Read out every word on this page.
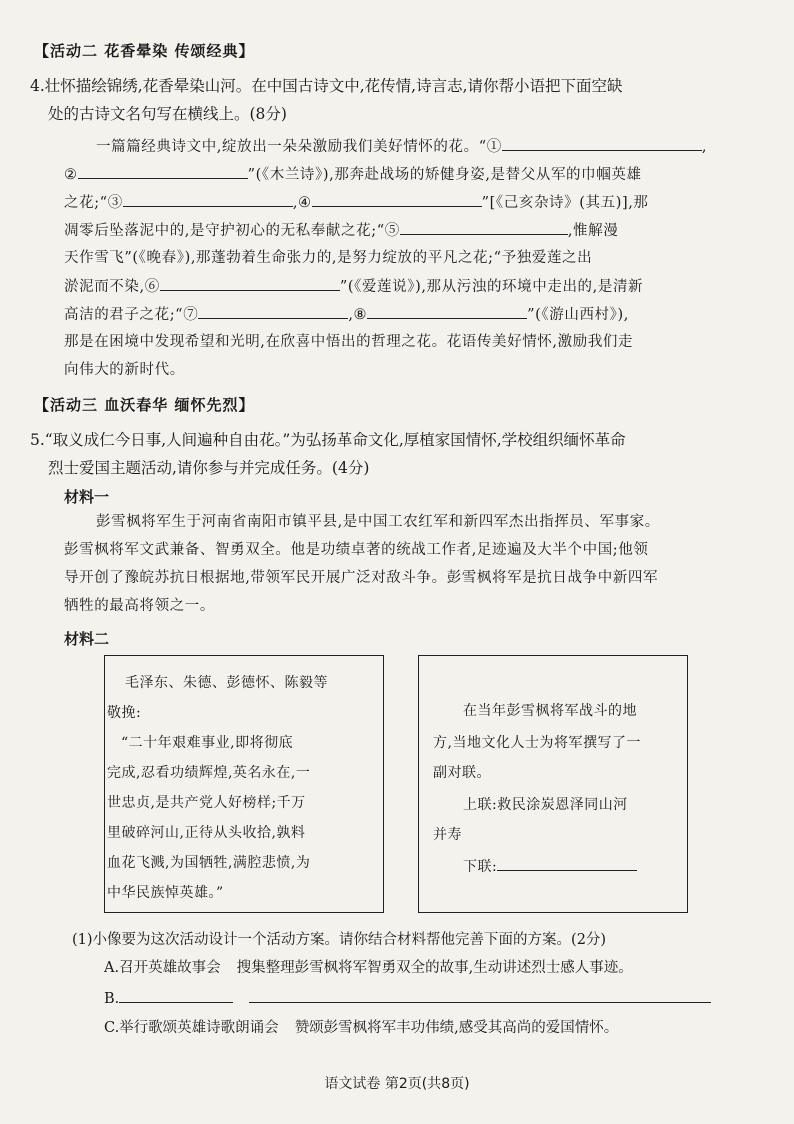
【活动二 花香晕染 传颂经典】
4.壮怀描绘锦绣,花香晕染山河。在中国古诗文中,花传情,诗言志,请你帮小语把下面空缺
处的古诗文名句写在横线上。(8分)
一篇篇经典诗文中,绽放出一朵朵激励我们美好情怀的花。“①	,
②	”(《木兰诗》),那奔赴战场的矫健身姿,是替父从军的巾帼英雄
之花;“③	,④	”[《己亥杂诗》(其五)],那
凋零后坠落泥中的,是守护初心的无私奉献之花;“⑤	,惟解漫
天作雪飞”(《晚春》),那蓬勃着生命张力的,是努力绽放的平凡之花;“予独爱莲之出
淤泥而不染,⑥	”(《爱莲说》),那从污浊的环境中走出的,是清新
高洁的君子之花;“⑦	,⑧	”(《游山西村》),
那是在困境中发现希望和光明,在欣喜中悟出的哲理之花。花语传美好情怀,激励我们走
向伟大的新时代。
【活动三 血沃春华 缅怀先烈】
5.“取义成仁今日事,人间遍种自由花。”为弘扬革命文化,厚植家国情怀,学校组织缅怀革命
烈士爱国主题活动,请你参与并完成任务。(4分)
材料一
彭雪枫将军生于河南省南阳市镇平县,是中国工农红军和新四军杰出指挥员、军事家。
彭雪枫将军文武兼备、智勇双全。他是功绩卓著的统战工作者,足迹遍及大半个中国;他领
导开创了豫皖苏抗日根据地,带领军民开展广泛对敌斗争。彭雪枫将军是抗日战争中新四军
牺牲的最高将领之一。
材料二
毛泽东、朱德、彭德怀、陈毅等
敬挽:
“二十年艰难事业,即将彻底
完成,忍看功绩辉煌,英名永在,一
世忠贞,是共产党人好榜样;千万
里破碎河山,正待从头收拾,孰料
血花飞溅,为国牺牲,满腔悲愤,为
中华民族悼英雄。”
在当年彭雪枫将军战斗的地
方,当地文化人士为将军撰写了一
副对联。
上联:救民涂炭恩泽同山河
并寿
下联:
(1)小像要为这次活动设计一个活动方案。请你结合材料帮他完善下面的方案。(2分)
A.召开英雄故事会 搜集整理彭雪枫将军智勇双全的故事,生动讲述烈士感人事迹。
B.
C.举行歌颂英雄诗歌朗诵会 赞颂彭雪枫将军丰功伟绩,感受其高尚的爱国情怀。
语文试卷 第2页(共8页)
